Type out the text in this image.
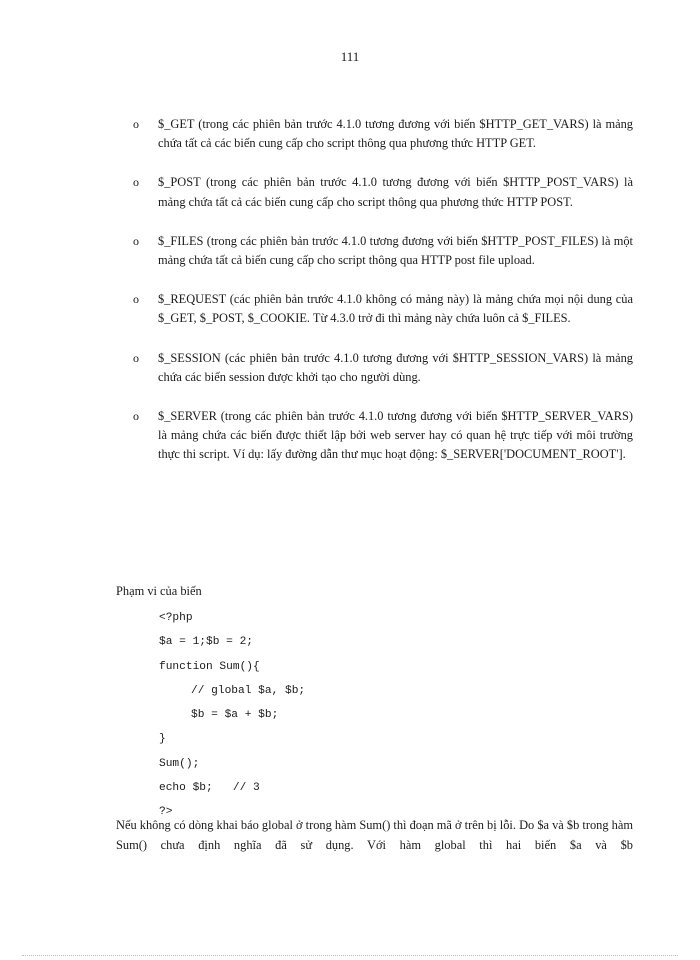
111
o $_GET (trong các phiên bản trước 4.1.0 tương đương với biến $HTTP_GET_VARS) là mảng chứa tất cả các biến cung cấp cho script thông qua phương thức HTTP GET.
o $_POST (trong các phiên bản trước 4.1.0 tương đương với biến $HTTP_POST_VARS) là mảng chứa tất cả các biến cung cấp cho script thông qua phương thức HTTP POST.
o $_FILES (trong các phiên bản trước 4.1.0 tương đương với biến $HTTP_POST_FILES) là một mảng chứa tất cả biến cung cấp cho script thông qua HTTP post file upload.
o $_REQUEST (các phiên bản trước 4.1.0 không có mảng này) là mảng chứa mọi nội dung của $_GET, $_POST, $_COOKIE. Từ 4.3.0 trở đi thì mảng này chứa luôn cả $_FILES.
o $_SESSION (các phiên bản trước 4.1.0 tương đương với $HTTP_SESSION_VARS) là mảng chứa các biến session được khởi tạo cho người dùng.
o $_SERVER (trong các phiên bản trước 4.1.0 tương đương với biến $HTTP_SERVER_VARS) là mảng chứa các biến được thiết lập bởi web server hay có quan hệ trực tiếp với môi trường thực thi script. Ví dụ: lấy đường dẫn thư mục hoạt động: $_SERVER['DOCUMENT_ROOT'].
Phạm vi của biến
<?php
$a = 1;$b = 2;
function Sum(){
// global $a, $b;
$b = $a + $b;
}
Sum();
echo $b;   // 3
?>
Nếu không có dòng khai báo global ở trong hàm Sum() thì đoạn mã ở trên bị lỗi. Do $a và $b trong hàm Sum() chưa định nghĩa đã sử dụng. Với hàm global thì hai biến $a và $b
